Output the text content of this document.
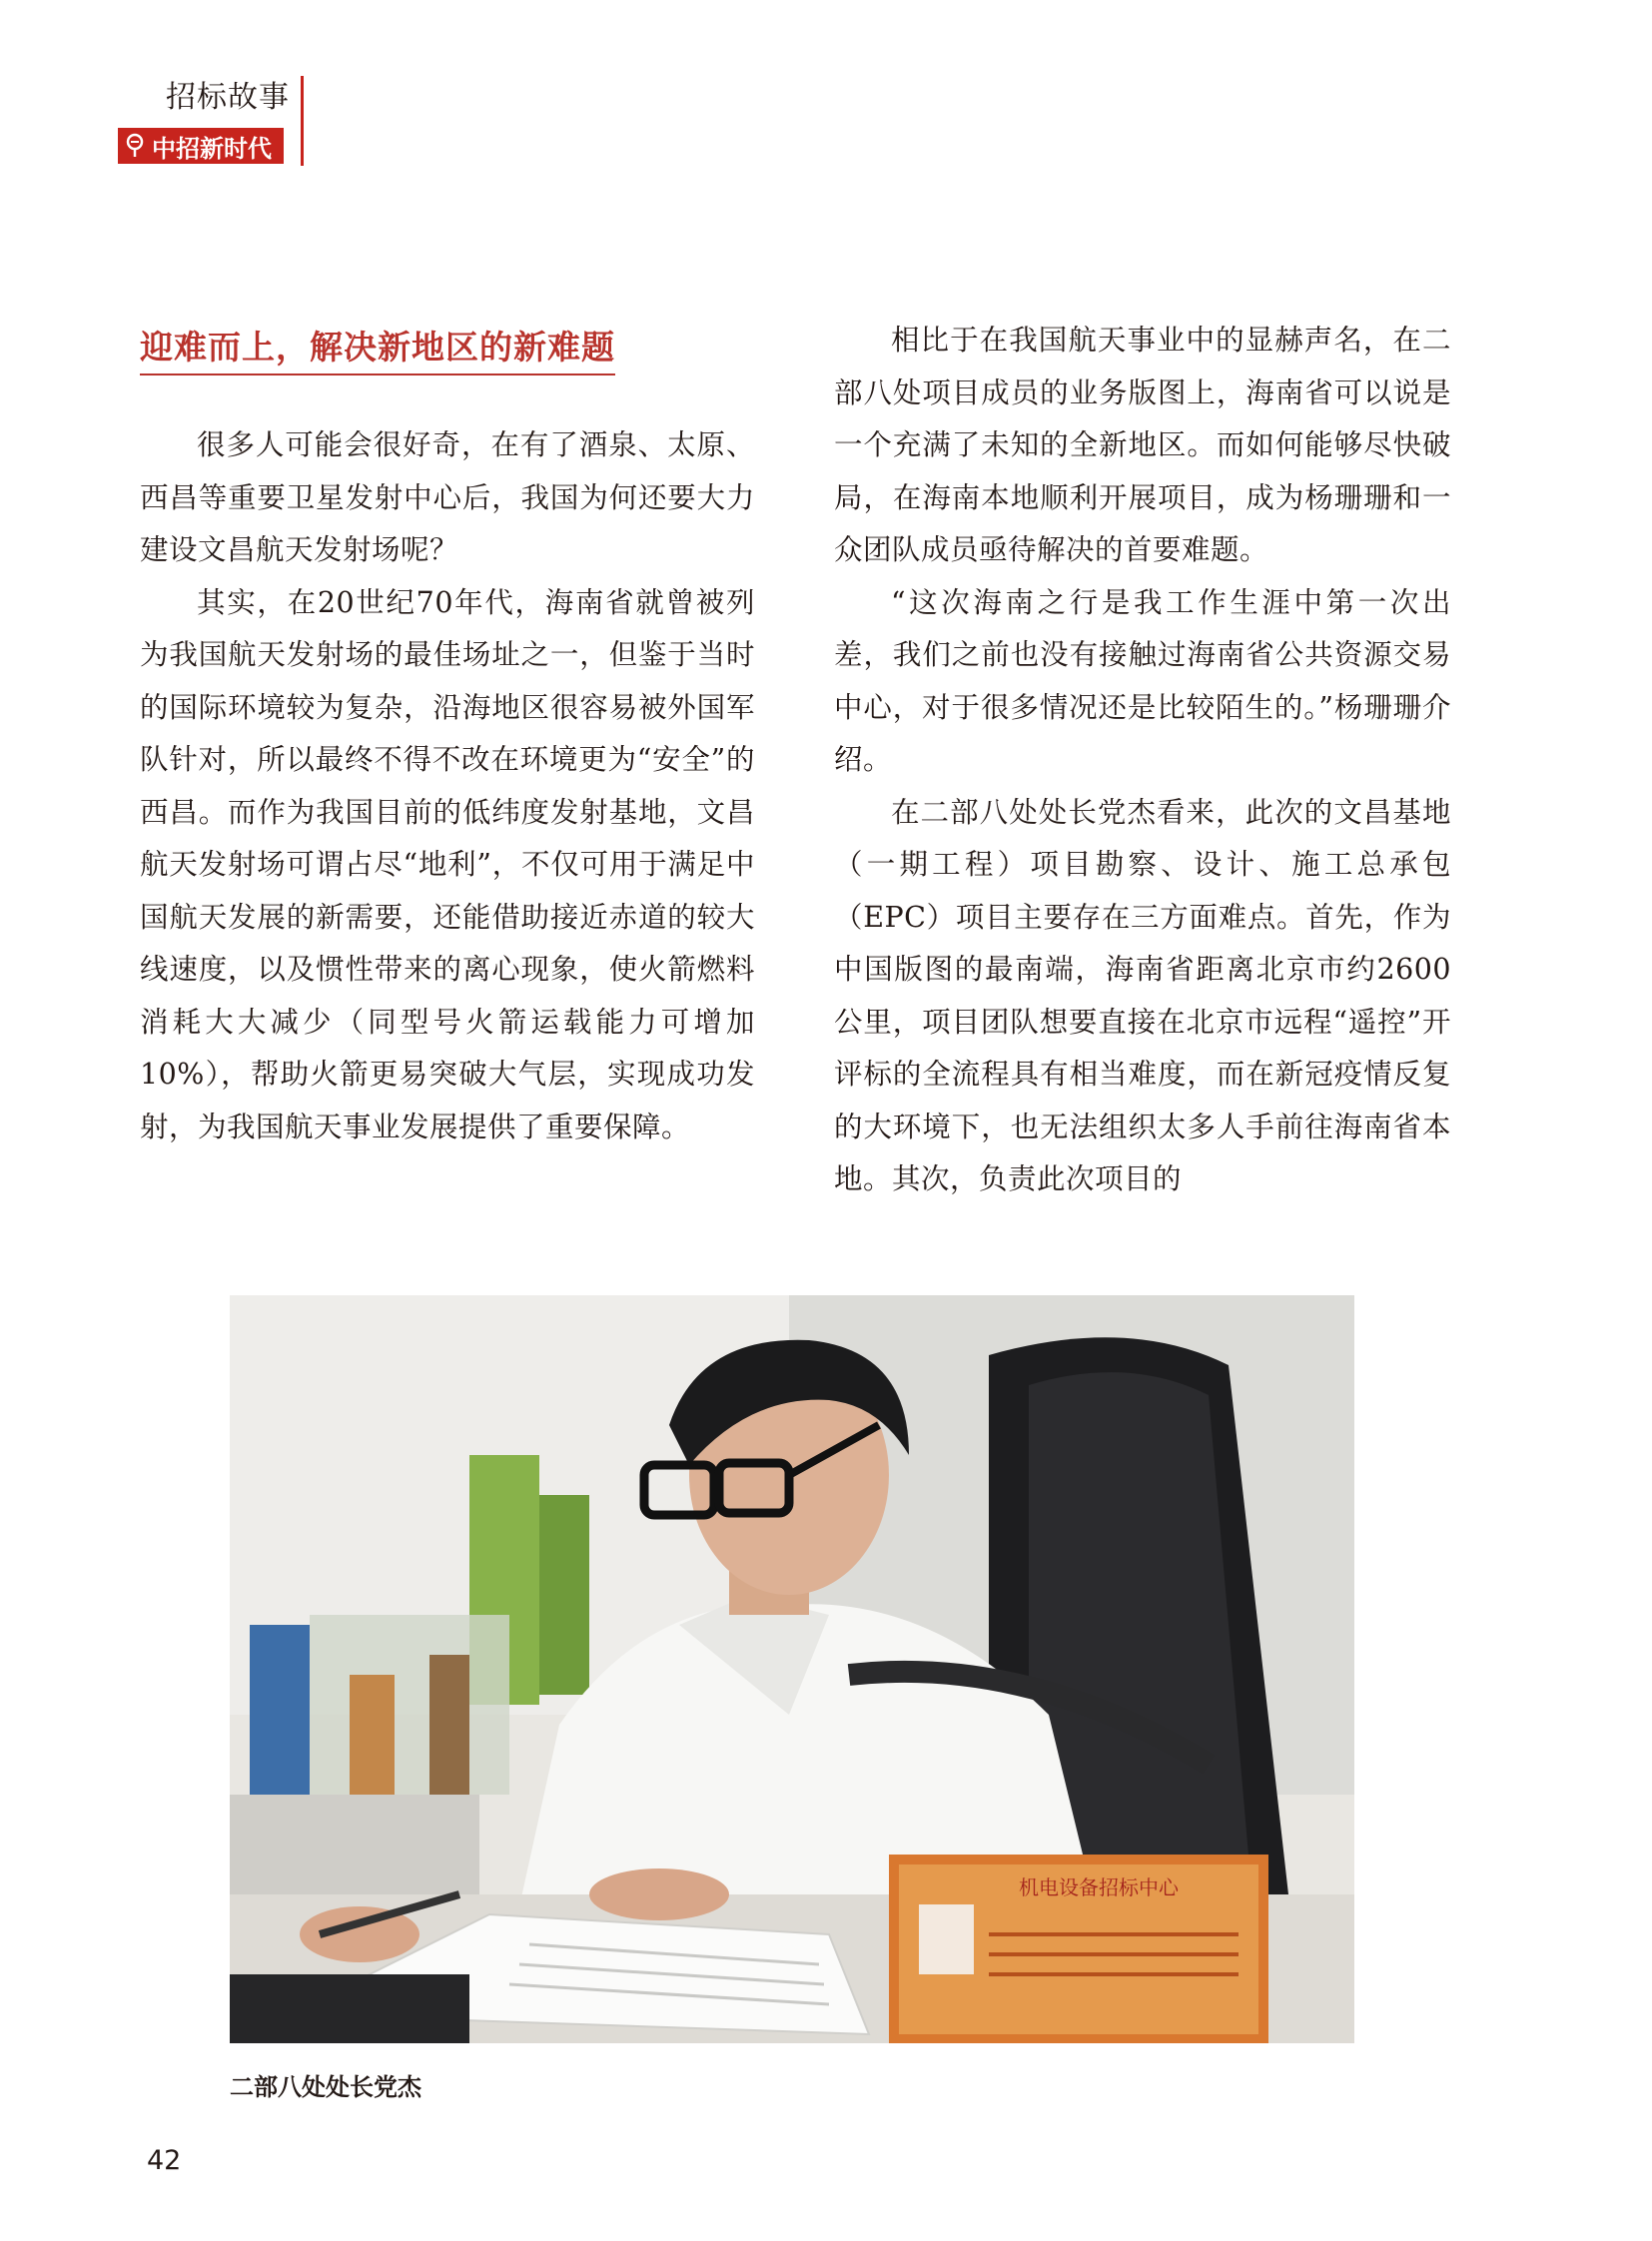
招标故事
中招新时代
迎难而上，解决新地区的新难题

很多人可能会很好奇，在有了酒泉、太原、西昌等重要卫星发射中心后，我国为何还要大力建设文昌航天发射场呢？

其实，在20世纪70年代，海南省就曾被列为我国航天发射场的最佳场址之一，但鉴于当时的国际环境较为复杂，沿海地区很容易被外国军队针对，所以最终不得不改在环境更为“安全”的西昌。而作为我国目前的低纬度发射基地，文昌航天发射场可谓占尽“地利”，不仅可用于满足中国航天发展的新需要，还能借助接近赤道的较大线速度，以及惯性带来的离心现象，使火箭燃料消耗大大减少（同型号火箭运载能力可增加10%），帮助火箭更易突破大气层，实现成功发射，为我国航天事业发展提供了重要保障。

相比于在我国航天事业中的显赫声名，在二部八处项目成员的业务版图上，海南省可以说是一个充满了未知的全新地区。而如何能够尽快破局，在海南本地顺利开展项目，成为杨珊珊和一众团队成员亟待解决的首要难题。

“这次海南之行是我工作生涯中第一次出差，我们之前也没有接触过海南省公共资源交易中心，对于很多情况还是比较陌生的。”杨珊珊介绍。

在二部八处处长党杰看来，此次的文昌基地（一期工程）项目勘察、设计、施工总承包（EPC）项目主要存在三方面难点。首先，作为中国版图的最南端，海南省距离北京市约2600公里，项目团队想要直接在北京市远程“遥控”开评标的全流程具有相当难度，而在新冠疫情反复的大环境下，也无法组织太多人手前往海南省本地。其次，负责此次项目的

机电设备招标中心
二部八处处长党杰
42
